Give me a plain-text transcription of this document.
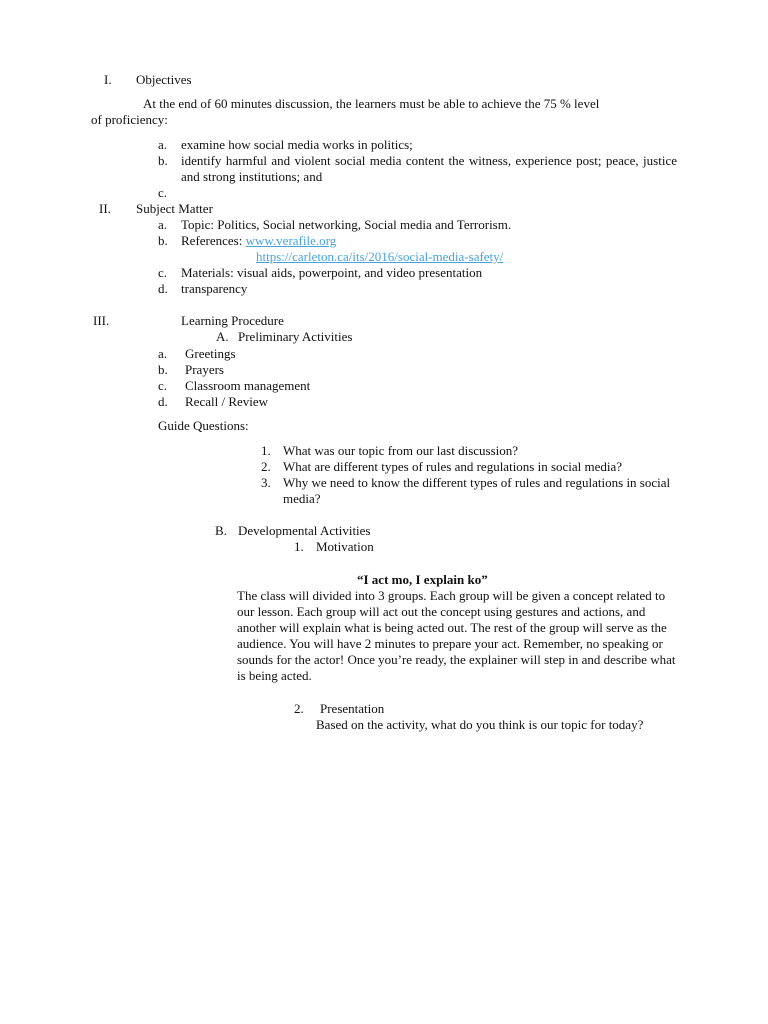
I. Objectives
At the end of 60 minutes discussion, the learners must be able to achieve the 75 % level
of proficiency:
a. examine how social media works in politics;
b. identify harmful and violent social media content the witness, experience post; peace, justice and strong institutions; and
c.
II. Subject Matter
a. Topic: Politics, Social networking, Social media and Terrorism.
b. References: www.verafile.org
https://carleton.ca/its/2016/social-media-safety/
c. Materials: visual aids, powerpoint, and video presentation
d. transparency
III.	Learning Procedure
A. Preliminary Activities
a. Greetings
b. Prayers
c. Classroom management
d. Recall / Review
Guide Questions:
1. What was our topic from our last discussion?
2. What are different types of rules and regulations in social media?
3. Why we need to know the different types of rules and regulations in social media?
B. Developmental Activities
1. Motivation
“I act mo, I explain ko”
The class will divided into 3 groups. Each group will be given a concept related to our lesson. Each group will act out the concept using gestures and actions, and another will explain what is being acted out. The rest of the group will serve as the audience. You will have 2 minutes to prepare your act. Remember, no speaking or sounds for the actor! Once you’re ready, the explainer will step in and describe what is being acted.
2. Presentation
Based on the activity, what do you think is our topic for today?
